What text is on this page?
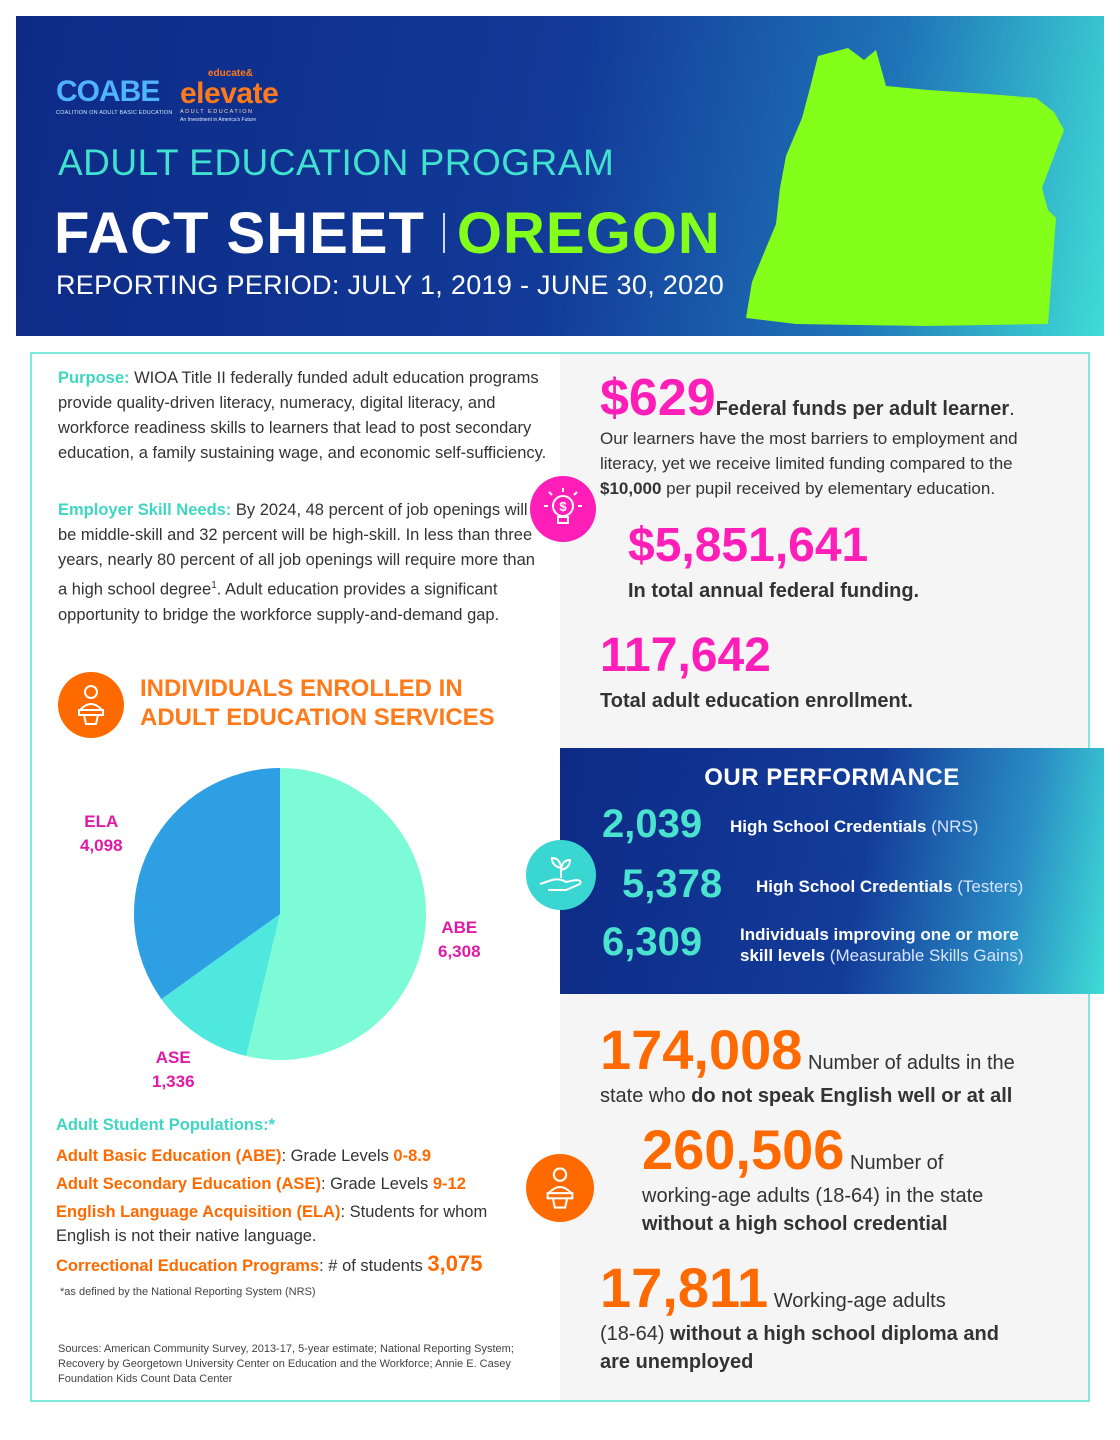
COABE
COALITION ON ADULT BASIC EDUCATION
educate&
elevate
ADULT EDUCATION
An Investment in America's Future
ADULT EDUCATION PROGRAM
FACT SHEET OREGON
REPORTING PERIOD: JULY 1, 2019 - JUNE 30, 2020
Purpose: WIOA Title II federally funded adult education programs provide quality-driven literacy, numeracy, digital literacy, and workforce readiness skills to learners that lead to post secondary education, a family sustaining wage, and economic self-sufficiency.
Employer Skill Needs: By 2024, 48 percent of job openings will be middle-skill and 32 percent will be high-skill. In less than three years, nearly 80 percent of all job openings will require more than a high school degree$^1$. Adult education provides a significant opportunity to bridge the workforce supply-and-demand gap.
INDIVIDUALS ENROLLED IN
ADULT EDUCATION SERVICES
ELA
4,098
ABE
6,308
ASE
1,336
Adult Student Populations:*
Adult Basic Education (ABE): Grade Levels 0-8.9
Adult Secondary Education (ASE): Grade Levels 9-12
English Language Acquisition (ELA): Students for whom English is not their native language.
Correctional Education Programs: # of students 3,075
*as defined by the National Reporting System (NRS)
Sources: American Community Survey, 2013-17, 5-year estimate; National Reporting System; Recovery by Georgetown University Center on Education and the Workforce; Annie E. Casey Foundation Kids Count Data Center
$
$629Federal funds per adult learner.
Our learners have the most barriers to employment and literacy, yet we receive limited funding compared to the $10,000 per pupil received by elementary education.
$5,851,641
In total annual federal funding.
117,642
Total adult education enrollment.
OUR PERFORMANCE
2,039 High School Credentials (NRS)
5,378 High School Credentials (Testers)
6,309 Individuals improving one or more
skill levels (Measurable Skills Gains)
174,008 Number of adults in the
state who do not speak English well or at all
260,506 Number of
working-age adults (18-64) in the state
without a high school credential
17,811 Working-age adults
(18-64) without a high school diploma and
are unemployed
